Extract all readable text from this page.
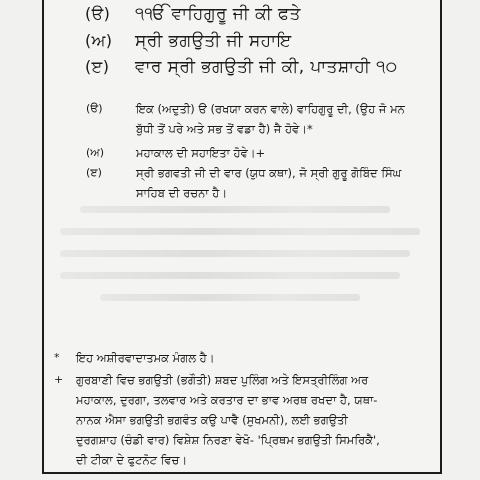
(ੳ)	੧ੴ ਵਾਹਿਗੁਰੂ ਜੀ ਕੀ ਫਤੇ
(ਅ)	ਸ੍ਰੀ ਭਗਉਤੀ ਜੀ ਸਹਾਇ
(ੲ)	ਵਾਰ ਸ੍ਰੀ ਭਗਉਤੀ ਜੀ ਕੀ, ਪਾਤਸ਼ਾਹੀ ੧੦
(ੳ)	ਇਕ (ਅਦੁਤੀ) ੳ (ਰਖਯਾ ਕਰਨ ਵਾਲੇ) ਵਾਹਿਗੁਰੂ ਦੀ, (ਉਹ ਜੋ ਮਨ
ਬੁੱਧੀ ਤੋਂ ਪਰੇ ਅਤੇ ਸਭ ਤੋਂ ਵਡਾ ਹੈ) ਜੈ ਹੋਵੇ।*
(ਅ)	ਮਹਾਕਾਲ ਦੀ ਸਹਾਇਤਾ ਹੋਵੇ।+
(ੲ)	ਸ੍ਰੀ ਭਗਵਤੀ ਜੀ ਦੀ ਵਾਰ (ਯੁਧ ਕਥਾ), ਜੋ ਸ੍ਰੀ ਗੁਰੂ ਗੋਬਿੰਦ ਸਿੰਘ
ਸਾਹਿਬ ਦੀ ਰਚਨਾ ਹੈ।
*	ਇਹ ਅਸ਼ੀਰਵਾਦਾਤਮਕ ਮੰਗਲ ਹੈ।
+	ਗੁਰਬਾਣੀ ਵਿਚ ਭਗਉਤੀ (ਭਗੌਤੀ) ਸ਼ਬਦ ਪੁਲਿੰਗ ਅਤੇ ਇਸਤ੍ਰੀਲਿੰਗ ਅਰ
ਮਹਾਕਾਲ, ਦੁਰਗਾ, ਤਲਵਾਰ ਅਤੇ ਕਰਤਾਰ ਦਾ ਭਾਵ ਅਰਥ ਰਖਦਾ ਹੈ, ਯਥਾ-
ਨਾਨਕ ਐਸਾ ਭਗਉਤੀ ਭਗਵੰਤ ਕਉ ਪਾਵੈ (ਸੁਖਮਨੀ), ਲਈ ਭਗਉਤੀ
ਦੁਰਗਸ਼ਾਹ (ਚੰਡੀ ਵਾਰ) ਵਿਸ਼ੇਸ਼ ਨਿਰਣਾ ਵੇਖੋ- 'ਪ੍ਰਿਥਮ ਭਗਉਤੀ ਸਿਮਰਿਕੈ',
ਦੀ ਟੀਕਾ ਦੇ ਫੁਟਨੋਟ ਵਿਚ।
